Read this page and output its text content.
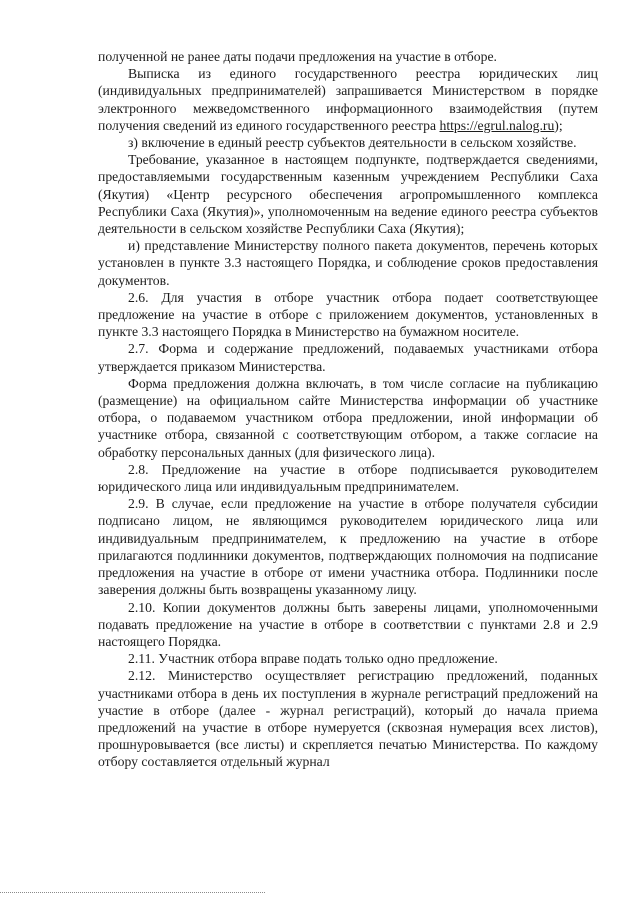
полученной не ранее даты подачи предложения на участие в отборе.

Выписка из единого государственного реестра юридических лиц (индивидуальных предпринимателей) запрашивается Министерством в порядке электронного межведомственного информационного взаимодействия (путем получения сведений из единого государственного реестра https://egrul.nalog.ru);

з) включение в единый реестр субъектов деятельности в сельском хозяйстве.

Требование, указанное в настоящем подпункте, подтверждается сведениями, предоставляемыми государственным казенным учреждением Республики Саха (Якутия) «Центр ресурсного обеспечения агропромышленного комплекса Республики Саха (Якутия)», уполномоченным на ведение единого реестра субъектов деятельности в сельском хозяйстве Республики Саха (Якутия);

и) представление Министерству полного пакета документов, перечень которых установлен в пункте 3.3 настоящего Порядка, и соблюдение сроков предоставления документов.

2.6. Для участия в отборе участник отбора подает соответствующее предложение на участие в отборе с приложением документов, установленных в пункте 3.3 настоящего Порядка в Министерство на бумажном носителе.

2.7. Форма и содержание предложений, подаваемых участниками отбора утверждается приказом Министерства.

Форма предложения должна включать, в том числе согласие на публикацию (размещение) на официальном сайте Министерства информации об участнике отбора, о подаваемом участником отбора предложении, иной информации об участнике отбора, связанной с соответствующим отбором, а также согласие на обработку персональных данных (для физического лица).

2.8. Предложение на участие в отборе подписывается руководителем юридического лица или индивидуальным предпринимателем.

2.9. В случае, если предложение на участие в отборе получателя субсидии подписано лицом, не являющимся руководителем юридического лица или индивидуальным предпринимателем, к предложению на участие в отборе прилагаются подлинники документов, подтверждающих полномочия на подписание предложения на участие в отборе от имени участника отбора. Подлинники после заверения должны быть возвращены указанному лицу.

2.10. Копии документов должны быть заверены лицами, уполномоченными подавать предложение на участие в отборе в соответствии с пунктами 2.8 и 2.9 настоящего Порядка.

2.11. Участник отбора вправе подать только одно предложение.

2.12. Министерство осуществляет регистрацию предложений, поданных участниками отбора в день их поступления в журнале регистраций предложений на участие в отборе (далее - журнал регистраций), который до начала приема предложений на участие в отборе нумеруется (сквозная нумерация всех листов), прошнуровывается (все листы) и скрепляется печатью Министерства. По каждому отбору составляется отдельный журнал
